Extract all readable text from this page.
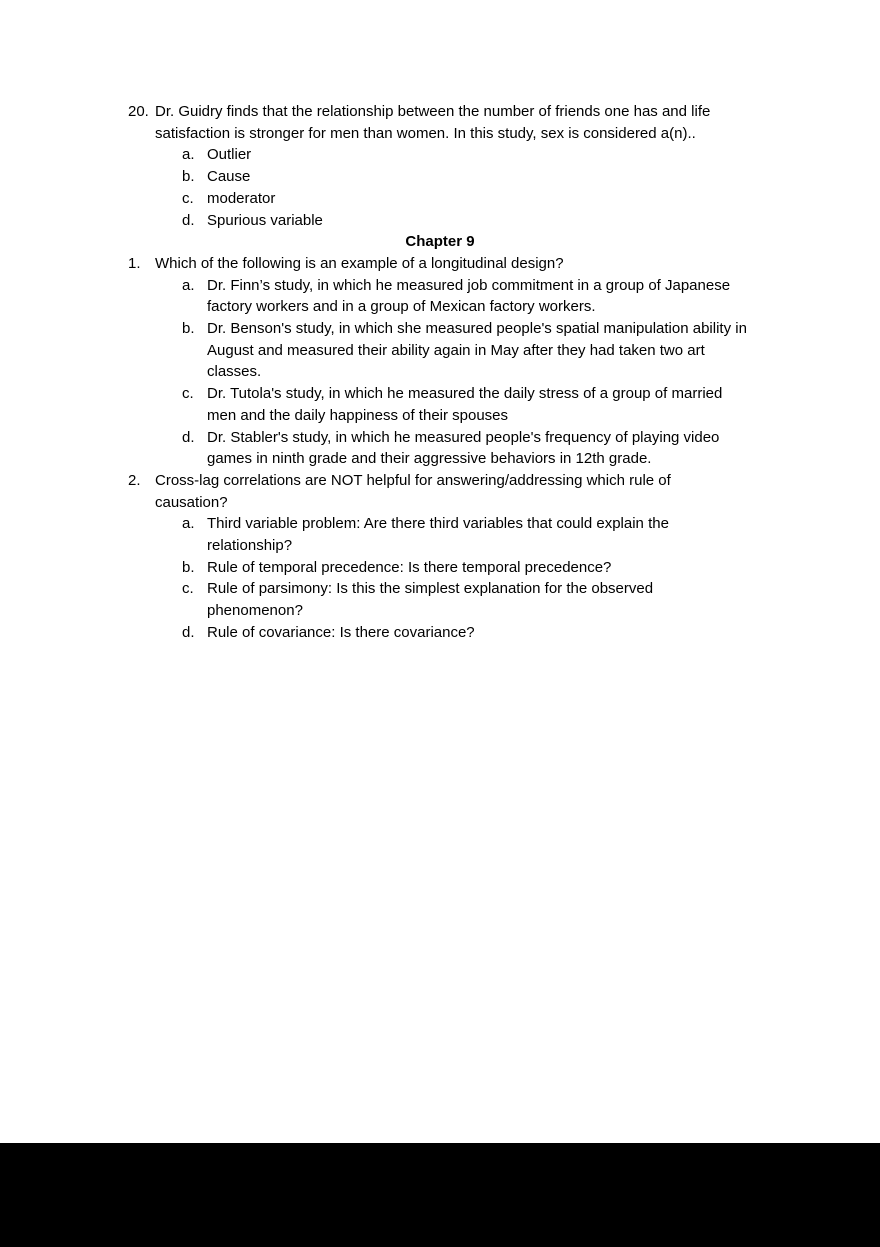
20. Dr. Guidry finds that the relationship between the number of friends one has and life
satisfaction is stronger for men than women. In this study, sex is considered a(n)..
a. Outlier
b. Cause
c. moderator
d. Spurious variable
Chapter 9
1. Which of the following is an example of a longitudinal design?
a. Dr. Finn’s study, in which he measured job commitment in a group of Japanese
factory workers and in a group of Mexican factory workers.
b. Dr. Benson's study, in which she measured people's spatial manipulation ability in
August and measured their ability again in May after they had taken two art
classes.
c. Dr. Tutola's study, in which he measured the daily stress of a group of married
men and the daily happiness of their spouses
d. Dr. Stabler's study, in which he measured people's frequency of playing video
games in ninth grade and their aggressive behaviors in 12th grade.
2. Cross-lag correlations are NOT helpful for answering/addressing which rule of
causation?
a. Third variable problem: Are there third variables that could explain the
relationship?
b. Rule of temporal precedence: Is there temporal precedence?
c. Rule of parsimony: Is this the simplest explanation for the observed
phenomenon?
d. Rule of covariance: Is there covariance?
